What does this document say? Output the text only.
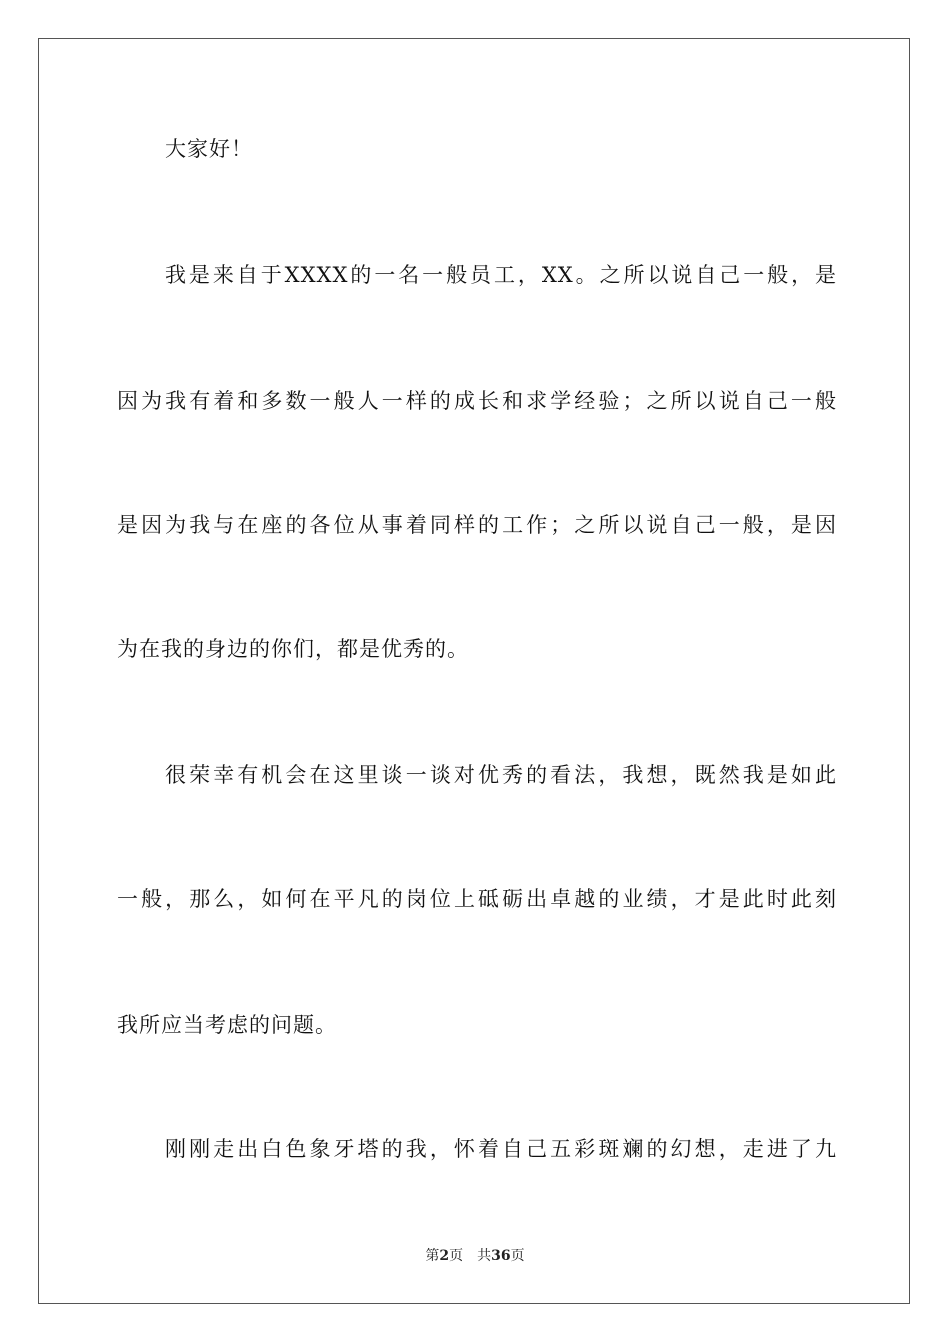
大家好！
我是来自于XXXX的一名一般员工，XX。之所以说自己一般，是
因为我有着和多数一般人一样的成长和求学经验；之所以说自己一般
是因为我与在座的各位从事着同样的工作；之所以说自己一般，是因
为在我的身边的你们，都是优秀的。
很荣幸有机会在这里谈一谈对优秀的看法，我想，既然我是如此
一般，那么，如何在平凡的岗位上砥砺出卓越的业绩，才是此时此刻
我所应当考虑的问题。
刚刚走出白色象牙塔的我，怀着自己五彩斑斓的幻想，走进了九
第2页 共36页
